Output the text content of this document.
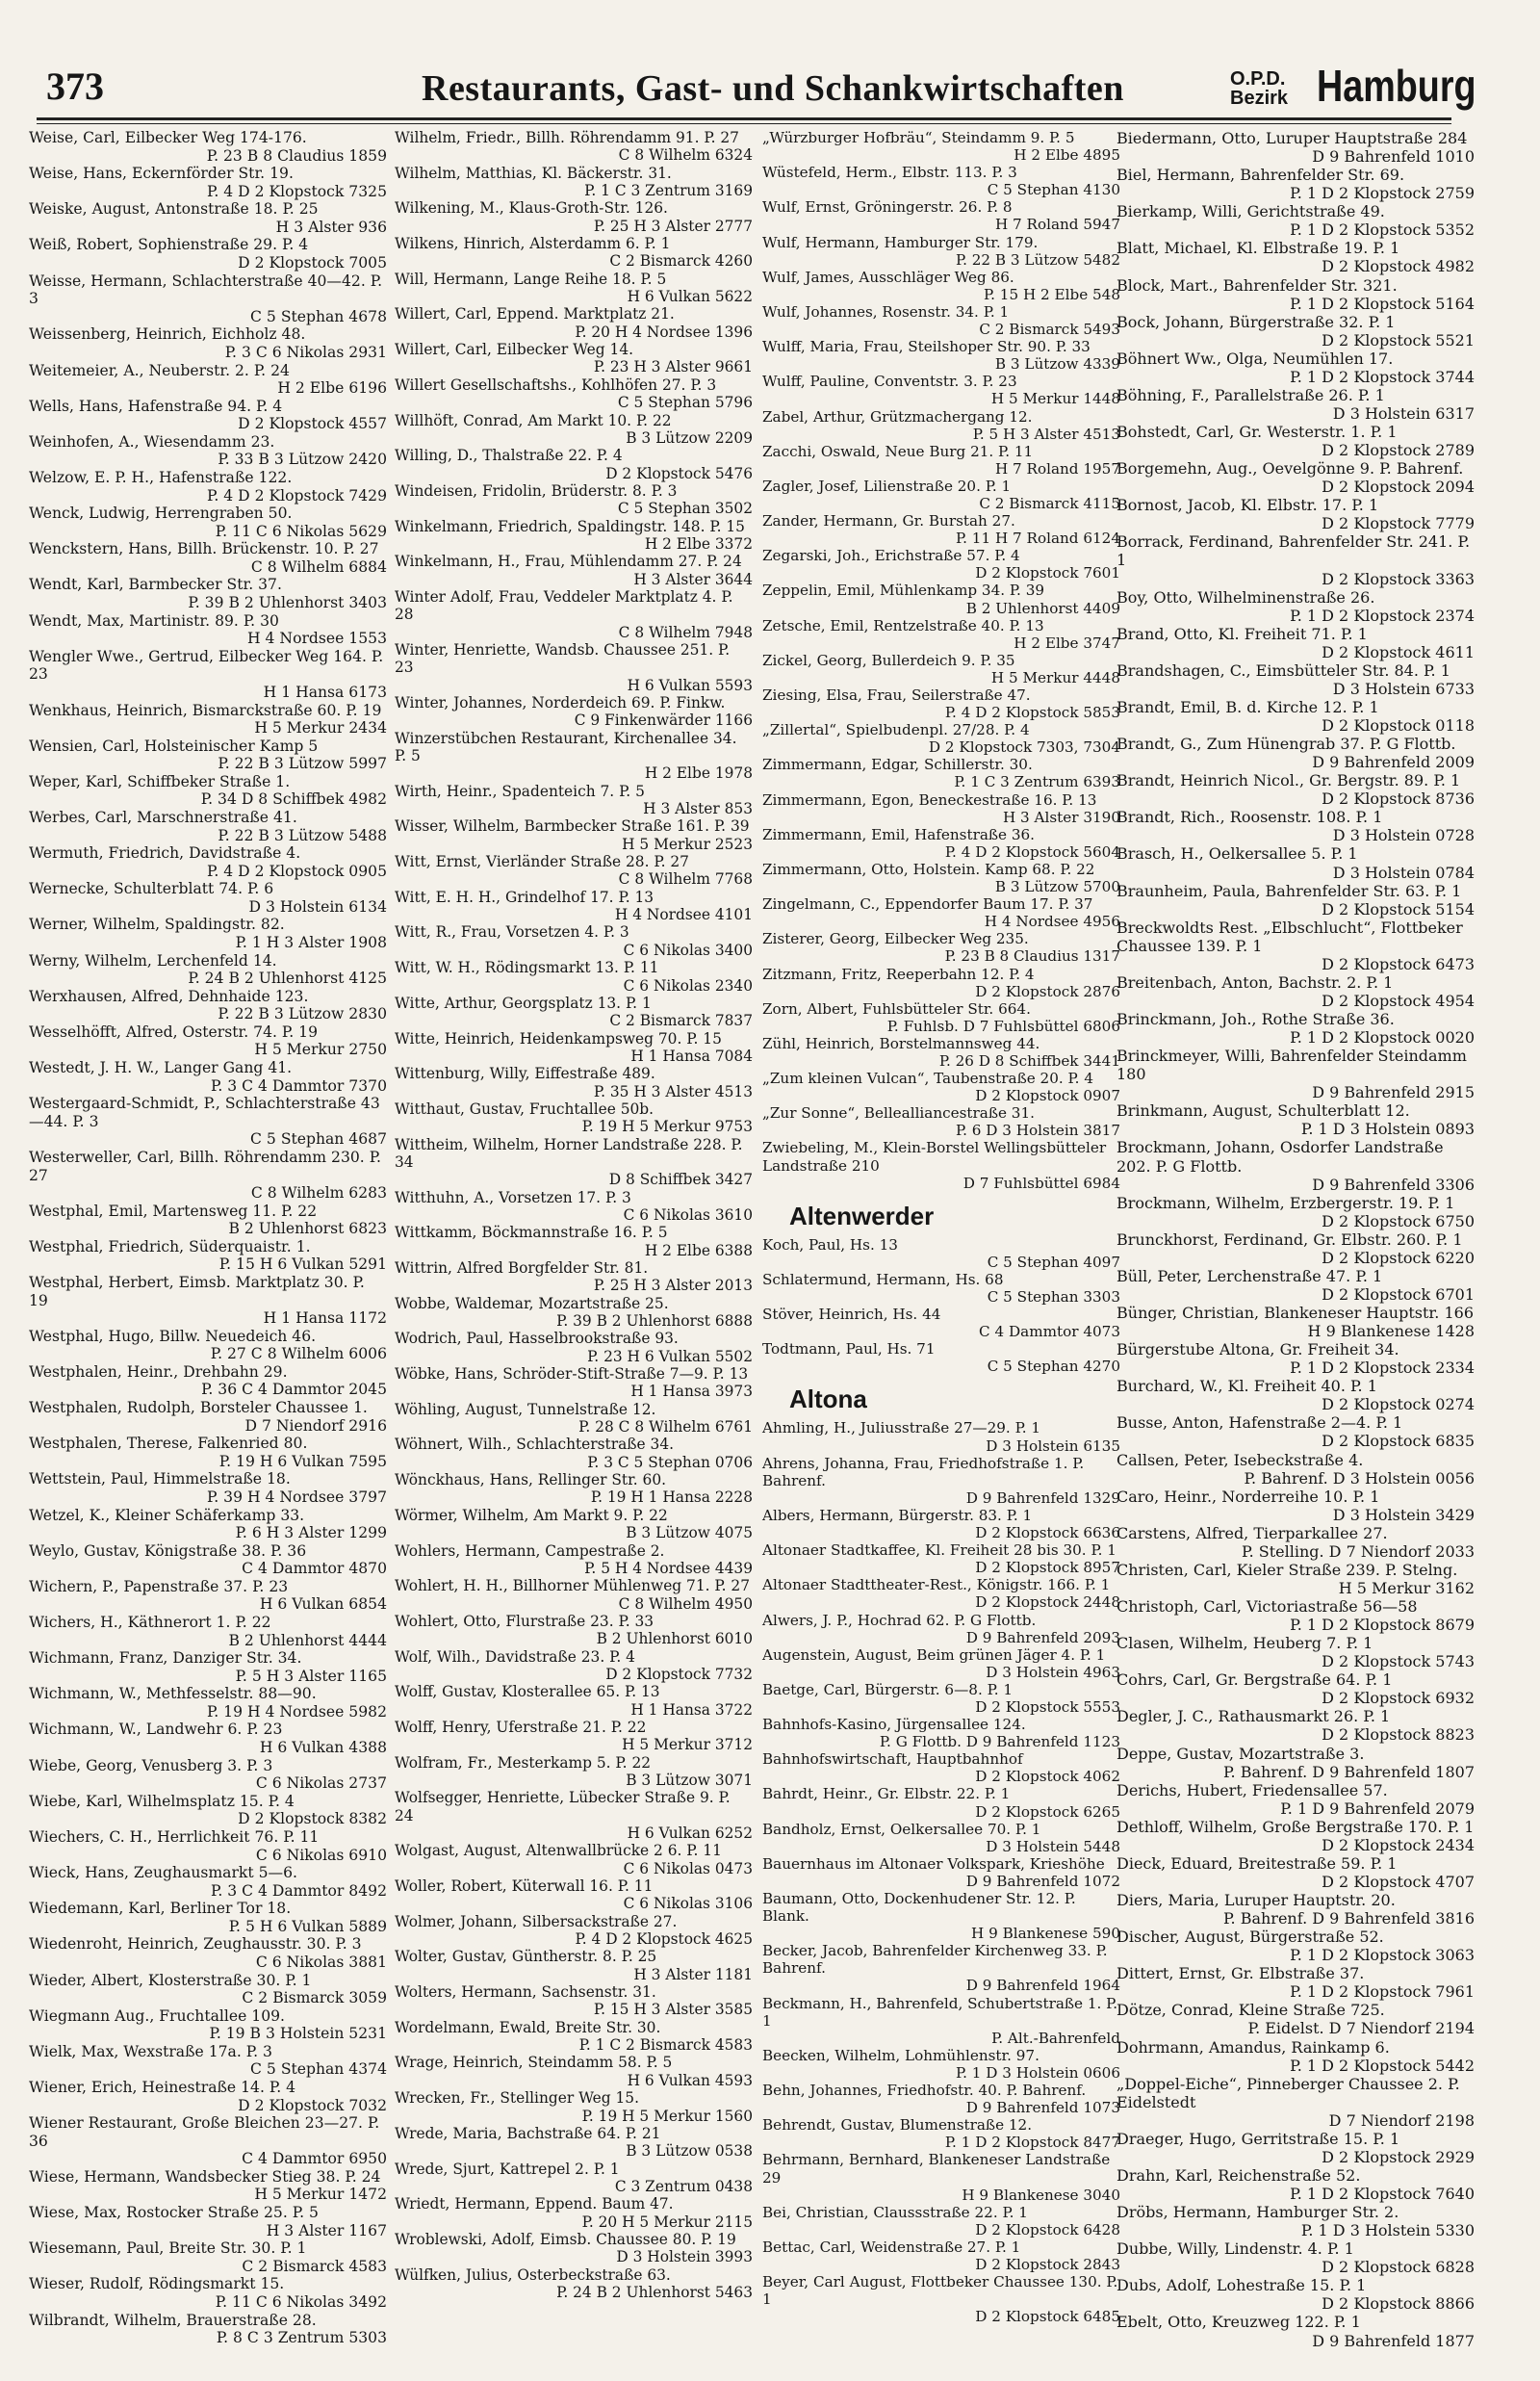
373	Restaurants, Gast- und Schankwirtschaften	O.P.D.
Bezirk Hamburg
Weise, Carl, Eilbecker Weg 174-176.
P. 23 B 8 Claudius 1859
Weise, Hans, Eckernförder Str. 19.
P. 4 D 2 Klopstock 7325
Weiske, August, Antonstraße 18. P. 25
H 3 Alster 936
Weiß, Robert, Sophienstraße 29. P. 4
D 2 Klopstock 7005
Weisse, Hermann, Schlachterstraße 40—42. P. 3
C 5 Stephan 4678
Weissenberg, Heinrich, Eichholz 48.
P. 3 C 6 Nikolas 2931
Weitemeier, A., Neuberstr. 2. P. 24
H 2 Elbe 6196
Wells, Hans, Hafenstraße 94. P. 4
D 2 Klopstock 4557
Weinhofen, A., Wiesendamm 23.
P. 33 B 3 Lützow 2420
Welzow, E. P. H., Hafenstraße 122.
P. 4 D 2 Klopstock 7429
Wenck, Ludwig, Herrengraben 50.
P. 11 C 6 Nikolas 5629
Wenckstern, Hans, Billh. Brückenstr. 10. P. 27
C 8 Wilhelm 6884
Wendt, Karl, Barmbecker Str. 37.
P. 39 B 2 Uhlenhorst 3403
Wendt, Max, Martinistr. 89. P. 30
H 4 Nordsee 1553
Wengler Wwe., Gertrud, Eilbecker Weg 164. P. 23
H 1 Hansa 6173
Wenkhaus, Heinrich, Bismarckstraße 60. P. 19
H 5 Merkur 2434
Wensien, Carl, Holsteinischer Kamp 5
P. 22 B 3 Lützow 5997
Weper, Karl, Schiffbeker Straße 1.
P. 34 D 8 Schiffbek 4982
Werbes, Carl, Marschnerstraße 41.
P. 22 B 3 Lützow 5488
Wermuth, Friedrich, Davidstraße 4.
P. 4 D 2 Klopstock 0905
Wernecke, Schulterblatt 74. P. 6
D 3 Holstein 6134
Werner, Wilhelm, Spaldingstr. 82.
P. 1 H 3 Alster 1908
Werny, Wilhelm, Lerchenfeld 14.
P. 24 B 2 Uhlenhorst 4125
Werxhausen, Alfred, Dehnhaide 123.
P. 22 B 3 Lützow 2830
Wesselhöfft, Alfred, Osterstr. 74. P. 19
H 5 Merkur 2750
Westedt, J. H. W., Langer Gang 41.
P. 3 C 4 Dammtor 7370
Westergaard-Schmidt, P., Schlachterstraße 43—44. P. 3
C 5 Stephan 4687
Westerweller, Carl, Billh. Röhrendamm 230. P. 27
C 8 Wilhelm 6283
Westphal, Emil, Martensweg 11. P. 22
B 2 Uhlenhorst 6823
Westphal, Friedrich, Süderquaistr. 1.
P. 15 H 6 Vulkan 5291
Westphal, Herbert, Eimsb. Marktplatz 30. P. 19
H 1 Hansa 1172
Westphal, Hugo, Billw. Neuedeich 46.
P. 27 C 8 Wilhelm 6006
Westphalen, Heinr., Drehbahn 29.
P. 36 C 4 Dammtor 2045
Westphalen, Rudolph, Borsteler Chaussee 1.
D 7 Niendorf 2916
Westphalen, Therese, Falkenried 80.
P. 19 H 6 Vulkan 7595
Wettstein, Paul, Himmelstraße 18.
P. 39 H 4 Nordsee 3797
Wetzel, K., Kleiner Schäferkamp 33.
P. 6 H 3 Alster 1299
Weylo, Gustav, Königstraße 38. P. 36
C 4 Dammtor 4870
Wichern, P., Papenstraße 37. P. 23
H 6 Vulkan 6854
Wichers, H., Käthnerort 1. P. 22
B 2 Uhlenhorst 4444
Wichmann, Franz, Danziger Str. 34.
P. 5 H 3 Alster 1165
Wichmann, W., Methfesselstr. 88—90.
P. 19 H 4 Nordsee 5982
Wichmann, W., Landwehr 6. P. 23
H 6 Vulkan 4388
Wiebe, Georg, Venusberg 3. P. 3
C 6 Nikolas 2737
Wiebe, Karl, Wilhelmsplatz 15. P. 4
D 2 Klopstock 8382
Wiechers, C. H., Herrlichkeit 76. P. 11
C 6 Nikolas 6910
Wieck, Hans, Zeughausmarkt 5—6.
P. 3 C 4 Dammtor 8492
Wiedemann, Karl, Berliner Tor 18.
P. 5 H 6 Vulkan 5889
Wiedenroht, Heinrich, Zeughausstr. 30. P. 3
C 6 Nikolas 3881
Wieder, Albert, Klosterstraße 30. P. 1
C 2 Bismarck 3059
Wiegmann Aug., Fruchtallee 109.
P. 19 B 3 Holstein 5231
Wielk, Max, Wexstraße 17a. P. 3
C 5 Stephan 4374
Wiener, Erich, Heinestraße 14. P. 4
D 2 Klopstock 7032
Wiener Restaurant, Große Bleichen 23—27. P. 36
C 4 Dammtor 6950
Wiese, Hermann, Wandsbecker Stieg 38. P. 24
H 5 Merkur 1472
Wiese, Max, Rostocker Straße 25. P. 5
H 3 Alster 1167
Wiesemann, Paul, Breite Str. 30. P. 1
C 2 Bismarck 4583
Wieser, Rudolf, Rödingsmarkt 15.
P. 11 C 6 Nikolas 3492
Wilbrandt, Wilhelm, Brauerstraße 28.
P. 8 C 3 Zentrum 5303
Wilhelm, Friedr., Billh. Röhrendamm 91. P. 27
C 8 Wilhelm 6324
Wilhelm, Matthias, Kl. Bäckerstr. 31.
P. 1 C 3 Zentrum 3169
Wilkening, M., Klaus-Groth-Str. 126.
P. 25 H 3 Alster 2777
Wilkens, Hinrich, Alsterdamm 6. P. 1
C 2 Bismarck 4260
Will, Hermann, Lange Reihe 18. P. 5
H 6 Vulkan 5622
Willert, Carl, Eppend. Marktplatz 21.
P. 20 H 4 Nordsee 1396
Willert, Carl, Eilbecker Weg 14.
P. 23 H 3 Alster 9661
Willert Gesellschaftshs., Kohlhöfen 27. P. 3
C 5 Stephan 5796
Willhöft, Conrad, Am Markt 10. P. 22
B 3 Lützow 2209
Willing, D., Thalstraße 22. P. 4
D 2 Klopstock 5476
Windeisen, Fridolin, Brüderstr. 8. P. 3
C 5 Stephan 3502
Winkelmann, Friedrich, Spaldingstr. 148. P. 15
H 2 Elbe 3372
Winkelmann, H., Frau, Mühlendamm 27. P. 24
H 3 Alster 3644
Winter Adolf, Frau, Veddeler Marktplatz 4. P. 28
C 8 Wilhelm 7948
Winter, Henriette, Wandsb. Chaussee 251. P. 23
H 6 Vulkan 5593
Winter, Johannes, Norderdeich 69. P. Finkw.
C 9 Finkenwärder 1166
Winzerstübchen Restaurant, Kirchenallee 34. P. 5
H 2 Elbe 1978
Wirth, Heinr., Spadenteich 7. P. 5
H 3 Alster 853
Wisser, Wilhelm, Barmbecker Straße 161. P. 39
H 5 Merkur 2523
Witt, Ernst, Vierländer Straße 28. P. 27
C 8 Wilhelm 7768
Witt, E. H. H., Grindelhof 17. P. 13
H 4 Nordsee 4101
Witt, R., Frau, Vorsetzen 4. P. 3
C 6 Nikolas 3400
Witt, W. H., Rödingsmarkt 13. P. 11
C 6 Nikolas 2340
Witte, Arthur, Georgsplatz 13. P. 1
C 2 Bismarck 7837
Witte, Heinrich, Heidenkampsweg 70. P. 15
H 1 Hansa 7084
Wittenburg, Willy, Eiffestraße 489.
P. 35 H 3 Alster 4513
Witthaut, Gustav, Fruchtallee 50b.
P. 19 H 5 Merkur 9753
Wittheim, Wilhelm, Horner Landstraße 228. P. 34
D 8 Schiffbek 3427
Witthuhn, A., Vorsetzen 17. P. 3
C 6 Nikolas 3610
Wittkamm, Böckmannstraße 16. P. 5
H 2 Elbe 6388
Wittrin, Alfred Borgfelder Str. 81.
P. 25 H 3 Alster 2013
Wobbe, Waldemar, Mozartstraße 25.
P. 39 B 2 Uhlenhorst 6888
Wodrich, Paul, Hasselbrookstraße 93.
P. 23 H 6 Vulkan 5502
Wöbke, Hans, Schröder-Stift-Straße 7—9. P. 13
H 1 Hansa 3973
Wöhling, August, Tunnelstraße 12.
P. 28 C 8 Wilhelm 6761
Wöhnert, Wilh., Schlachterstraße 34.
P. 3 C 5 Stephan 0706
Wönckhaus, Hans, Rellinger Str. 60.
P. 19 H 1 Hansa 2228
Wörmer, Wilhelm, Am Markt 9. P. 22
B 3 Lützow 4075
Wohlers, Hermann, Campestraße 2.
P. 5 H 4 Nordsee 4439
Wohlert, H. H., Billhorner Mühlenweg 71. P. 27
C 8 Wilhelm 4950
Wohlert, Otto, Flurstraße 23. P. 33
B 2 Uhlenhorst 6010
Wolf, Wilh., Davidstraße 23. P. 4
D 2 Klopstock 7732
Wolff, Gustav, Klosterallee 65. P. 13
H 1 Hansa 3722
Wolff, Henry, Uferstraße 21. P. 22
H 5 Merkur 3712
Wolfram, Fr., Mesterkamp 5. P. 22
B 3 Lützow 3071
Wolfsegger, Henriette, Lübecker Straße 9. P. 24
H 6 Vulkan 6252
Wolgast, August, Altenwallbrücke 2 6. P. 11
C 6 Nikolas 0473
Woller, Robert, Küterwall 16. P. 11
C 6 Nikolas 3106
Wolmer, Johann, Silbersackstraße 27.
P. 4 D 2 Klopstock 4625
Wolter, Gustav, Güntherstr. 8. P. 25
H 3 Alster 1181
Wolters, Hermann, Sachsenstr. 31.
P. 15 H 3 Alster 3585
Wordelmann, Ewald, Breite Str. 30.
P. 1 C 2 Bismarck 4583
Wrage, Heinrich, Steindamm 58. P. 5
H 6 Vulkan 4593
Wrecken, Fr., Stellinger Weg 15.
P. 19 H 5 Merkur 1560
Wrede, Maria, Bachstraße 64. P. 21
B 3 Lützow 0538
Wrede, Sjurt, Kattrepel 2. P. 1
C 3 Zentrum 0438
Wriedt, Hermann, Eppend. Baum 47.
P. 20 H 5 Merkur 2115
Wroblewski, Adolf, Eimsb. Chaussee 80. P. 19
D 3 Holstein 3993
Wülfken, Julius, Osterbeckstraße 63.
P. 24 B 2 Uhlenhorst 5463
„Würzburger Hofbräu“, Steindamm 9. P. 5
H 2 Elbe 4895
Wüstefeld, Herm., Elbstr. 113. P. 3
C 5 Stephan 4130
Wulf, Ernst, Gröningerstr. 26. P. 8
H 7 Roland 5947
Wulf, Hermann, Hamburger Str. 179.
P. 22 B 3 Lützow 5482
Wulf, James, Ausschläger Weg 86.
P. 15 H 2 Elbe 548
Wulf, Johannes, Rosenstr. 34. P. 1
C 2 Bismarck 5493
Wulff, Maria, Frau, Steilshoper Str. 90. P. 33
B 3 Lützow 4339
Wulff, Pauline, Conventstr. 3. P. 23
H 5 Merkur 1448
Zabel, Arthur, Grützmachergang 12.
P. 5 H 3 Alster 4513
Zacchi, Oswald, Neue Burg 21. P. 11
H 7 Roland 1957
Zagler, Josef, Lilienstraße 20. P. 1
C 2 Bismarck 4115
Zander, Hermann, Gr. Burstah 27.
P. 11 H 7 Roland 6124
Zegarski, Joh., Erichstraße 57. P. 4
D 2 Klopstock 7601
Zeppelin, Emil, Mühlenkamp 34. P. 39
B 2 Uhlenhorst 4409
Zetsche, Emil, Rentzelstraße 40. P. 13
H 2 Elbe 3747
Zickel, Georg, Bullerdeich 9. P. 35
H 5 Merkur 4448
Ziesing, Elsa, Frau, Seilerstraße 47.
P. 4 D 2 Klopstock 5853
„Zillertal“, Spielbudenpl. 27/28. P. 4
D 2 Klopstock 7303, 7304
Zimmermann, Edgar, Schillerstr. 30.
P. 1 C 3 Zentrum 6393
Zimmermann, Egon, Beneckestraße 16. P. 13
H 3 Alster 3190
Zimmermann, Emil, Hafenstraße 36.
P. 4 D 2 Klopstock 5604
Zimmermann, Otto, Holstein. Kamp 68. P. 22
B 3 Lützow 5700
Zingelmann, C., Eppendorfer Baum 17. P. 37
H 4 Nordsee 4956
Zisterer, Georg, Eilbecker Weg 235.
P. 23 B 8 Claudius 1317
Zitzmann, Fritz, Reeperbahn 12. P. 4
D 2 Klopstock 2876
Zorn, Albert, Fuhlsbütteler Str. 664.
P. Fuhlsb. D 7 Fuhlsbüttel 6806
Zühl, Heinrich, Borstelmannsweg 44.
P. 26 D 8 Schiffbek 3441
„Zum kleinen Vulcan“, Taubenstraße 20. P. 4
D 2 Klopstock 0907
„Zur Sonne“, Belleallianсestraße 31.
P. 6 D 3 Holstein 3817
Zwiebeling, M., Klein-Borstel Wellingsbütteler Landstraße 210
D 7 Fuhlsbüttel 6984
Altenwerder
Koch, Paul, Hs. 13
C 5 Stephan 4097
Schlatermund, Hermann, Hs. 68
C 5 Stephan 3303
Stöver, Heinrich, Hs. 44
C 4 Dammtor 4073
Todtmann, Paul, Hs. 71
C 5 Stephan 4270
Altona
Ahmling, H., Juliusstraße 27—29. P. 1
D 3 Holstein 6135
Ahrens, Johanna, Frau, Friedhofstraße 1. P. Bahrenf.
D 9 Bahrenfeld 1329
Albers, Hermann, Bürgerstr. 83. P. 1
D 2 Klopstock 6636
Altonaer Stadtkaffee, Kl. Freiheit 28 bis 30. P. 1
D 2 Klopstock 8957
Altonaer Stadttheater-Rest., Königstr. 166. P. 1
D 2 Klopstock 2448
Alwers, J. P., Hochrad 62. P. G Flottb.
D 9 Bahrenfeld 2093
Augenstein, August, Beim grünen Jäger 4. P. 1
D 3 Holstein 4963
Baetge, Carl, Bürgerstr. 6—8. P. 1
D 2 Klopstock 5553
Bahnhofs-Kasino, Jürgensallee 124.
P. G Flottb. D 9 Bahrenfeld 1123
Bahnhofswirtschaft, Hauptbahnhof
D 2 Klopstock 4062
Bahrdt, Heinr., Gr. Elbstr. 22. P. 1
D 2 Klopstock 6265
Bandholz, Ernst, Oelkersallee 70. P. 1
D 3 Holstein 5448
Bauernhaus im Altonaer Volkspark, Krieshöhe
D 9 Bahrenfeld 1072
Baumann, Otto, Dockenhudener Str. 12. P. Blank.
H 9 Blankenese 590
Becker, Jacob, Bahrenfelder Kirchenweg 33. P. Bahrenf.
D 9 Bahrenfeld 1964
Beckmann, H., Bahrenfeld, Schubertstraße 1. P. 1
P. Alt.-Bahrenfeld
Beecken, Wilhelm, Lohmühlenstr. 97.
P. 1 D 3 Holstein 0606
Behn, Johannes, Friedhofstr. 40. P. Bahrenf.
D 9 Bahrenfeld 1073
Behrendt, Gustav, Blumenstraße 12.
P. 1 D 2 Klopstock 8477
Behrmann, Bernhard, Blankeneser Landstraße 29
H 9 Blankenese 3040
Bei, Christian, Claussstraße 22. P. 1
D 2 Klopstock 6428
Bettac, Carl, Weidenstraße 27. P. 1
D 2 Klopstock 2843
Beyer, Carl August, Flottbeker Chaussee 130. P. 1
D 2 Klopstock 6485
Biedermann, Otto, Luruper Hauptstraße 284
D 9 Bahrenfeld 1010
Biel, Hermann, Bahrenfelder Str. 69.
P. 1 D 2 Klopstock 2759
Bierkamp, Willi, Gerichtstraße 49.
P. 1 D 2 Klopstock 5352
Blatt, Michael, Kl. Elbstraße 19. P. 1
D 2 Klopstock 4982
Block, Mart., Bahrenfelder Str. 321.
P. 1 D 2 Klopstock 5164
Bock, Johann, Bürgerstraße 32. P. 1
D 2 Klopstock 5521
Böhnert Ww., Olga, Neumühlen 17.
P. 1 D 2 Klopstock 3744
Böhning, F., Parallelstraße 26. P. 1
D 3 Holstein 6317
Bohstedt, Carl, Gr. Westerstr. 1. P. 1
D 2 Klopstock 2789
Borgemehn, Aug., Oevelgönne 9. P. Bahrenf.
D 2 Klopstock 2094
Bornost, Jacob, Kl. Elbstr. 17. P. 1
D 2 Klopstock 7779
Borrack, Ferdinand, Bahrenfelder Str. 241. P. 1
D 2 Klopstock 3363
Boy, Otto, Wilhelminenstraße 26.
P. 1 D 2 Klopstock 2374
Brand, Otto, Kl. Freiheit 71. P. 1
D 2 Klopstock 4611
Brandshagen, C., Eimsbütteler Str. 84. P. 1
D 3 Holstein 6733
Brandt, Emil, B. d. Kirche 12. P. 1
D 2 Klopstock 0118
Brandt, G., Zum Hünengrab 37. P. G Flottb.
D 9 Bahrenfeld 2009
Brandt, Heinrich Nicol., Gr. Bergstr. 89. P. 1
D 2 Klopstock 8736
Brandt, Rich., Roosenstr. 108. P. 1
D 3 Holstein 0728
Brasch, H., Oelkersallee 5. P. 1
D 3 Holstein 0784
Braunheim, Paula, Bahrenfelder Str. 63. P. 1
D 2 Klopstock 5154
Breckwoldts Rest. „Elbschlucht“, Flottbeker Chaussee 139. P. 1
D 2 Klopstock 6473
Breitenbach, Anton, Bachstr. 2. P. 1
D 2 Klopstock 4954
Brinckmann, Joh., Rothe Straße 36.
P. 1 D 2 Klopstock 0020
Brinckmeyer, Willi, Bahrenfelder Steindamm 180
D 9 Bahrenfeld 2915
Brinkmann, August, Schulterblatt 12.
P. 1 D 3 Holstein 0893
Brockmann, Johann, Osdorfer Landstraße 202. P. G Flottb.
D 9 Bahrenfeld 3306
Brockmann, Wilhelm, Erzbergerstr. 19. P. 1
D 2 Klopstock 6750
Brunckhorst, Ferdinand, Gr. Elbstr. 260. P. 1
D 2 Klopstock 6220
Büll, Peter, Lerchenstraße 47. P. 1
D 2 Klopstock 6701
Bünger, Christian, Blankeneser Hauptstr. 166
H 9 Blankenese 1428
Bürgerstube Altona, Gr. Freiheit 34.
P. 1 D 2 Klopstock 2334
Burchard, W., Kl. Freiheit 40. P. 1
D 2 Klopstock 0274
Busse, Anton, Hafenstraße 2—4. P. 1
D 2 Klopstock 6835
Callsen, Peter, Isebeckstraße 4.
P. Bahrenf. D 3 Holstein 0056
Caro, Heinr., Norderreihe 10. P. 1
D 3 Holstein 3429
Carstens, Alfred, Tierparkallee 27.
P. Stelling. D 7 Niendorf 2033
Christen, Carl, Kieler Straße 239. P. Stelng.
H 5 Merkur 3162
Christoph, Carl, Victoriastraße 56—58
P. 1 D 2 Klopstock 8679
Clasen, Wilhelm, Heuberg 7. P. 1
D 2 Klopstock 5743
Cohrs, Carl, Gr. Bergstraße 64. P. 1
D 2 Klopstock 6932
Degler, J. C., Rathausmarkt 26. P. 1
D 2 Klopstock 8823
Deppe, Gustav, Mozartstraße 3.
P. Bahrenf. D 9 Bahrenfeld 1807
Derichs, Hubert, Friedensallee 57.
P. 1 D 9 Bahrenfeld 2079
Dethloff, Wilhelm, Große Bergstraße 170. P. 1
D 2 Klopstock 2434
Dieck, Eduard, Breitestraße 59. P. 1
D 2 Klopstock 4707
Diers, Maria, Luruper Hauptstr. 20.
P. Bahrenf. D 9 Bahrenfeld 3816
Discher, August, Bürgerstraße 52.
P. 1 D 2 Klopstock 3063
Dittert, Ernst, Gr. Elbstraße 37.
P. 1 D 2 Klopstock 7961
Dötze, Conrad, Kleine Straße 725.
P. Eidelst. D 7 Niendorf 2194
Dohrmann, Amandus, Rainkamp 6.
P. 1 D 2 Klopstock 5442
„Doppel-Eiche“, Pinneberger Chaussee 2. P. Eidelstedt
D 7 Niendorf 2198
Draeger, Hugo, Gerritstraße 15. P. 1
D 2 Klopstock 2929
Drahn, Karl, Reichenstraße 52.
P. 1 D 2 Klopstock 7640
Dröbs, Hermann, Hamburger Str. 2.
P. 1 D 3 Holstein 5330
Dubbe, Willy, Lindenstr. 4. P. 1
D 2 Klopstock 6828
Dubs, Adolf, Lohestraße 15. P. 1
D 2 Klopstock 8866
Ebelt, Otto, Kreuzweg 122. P. 1
D 9 Bahrenfeld 1877
